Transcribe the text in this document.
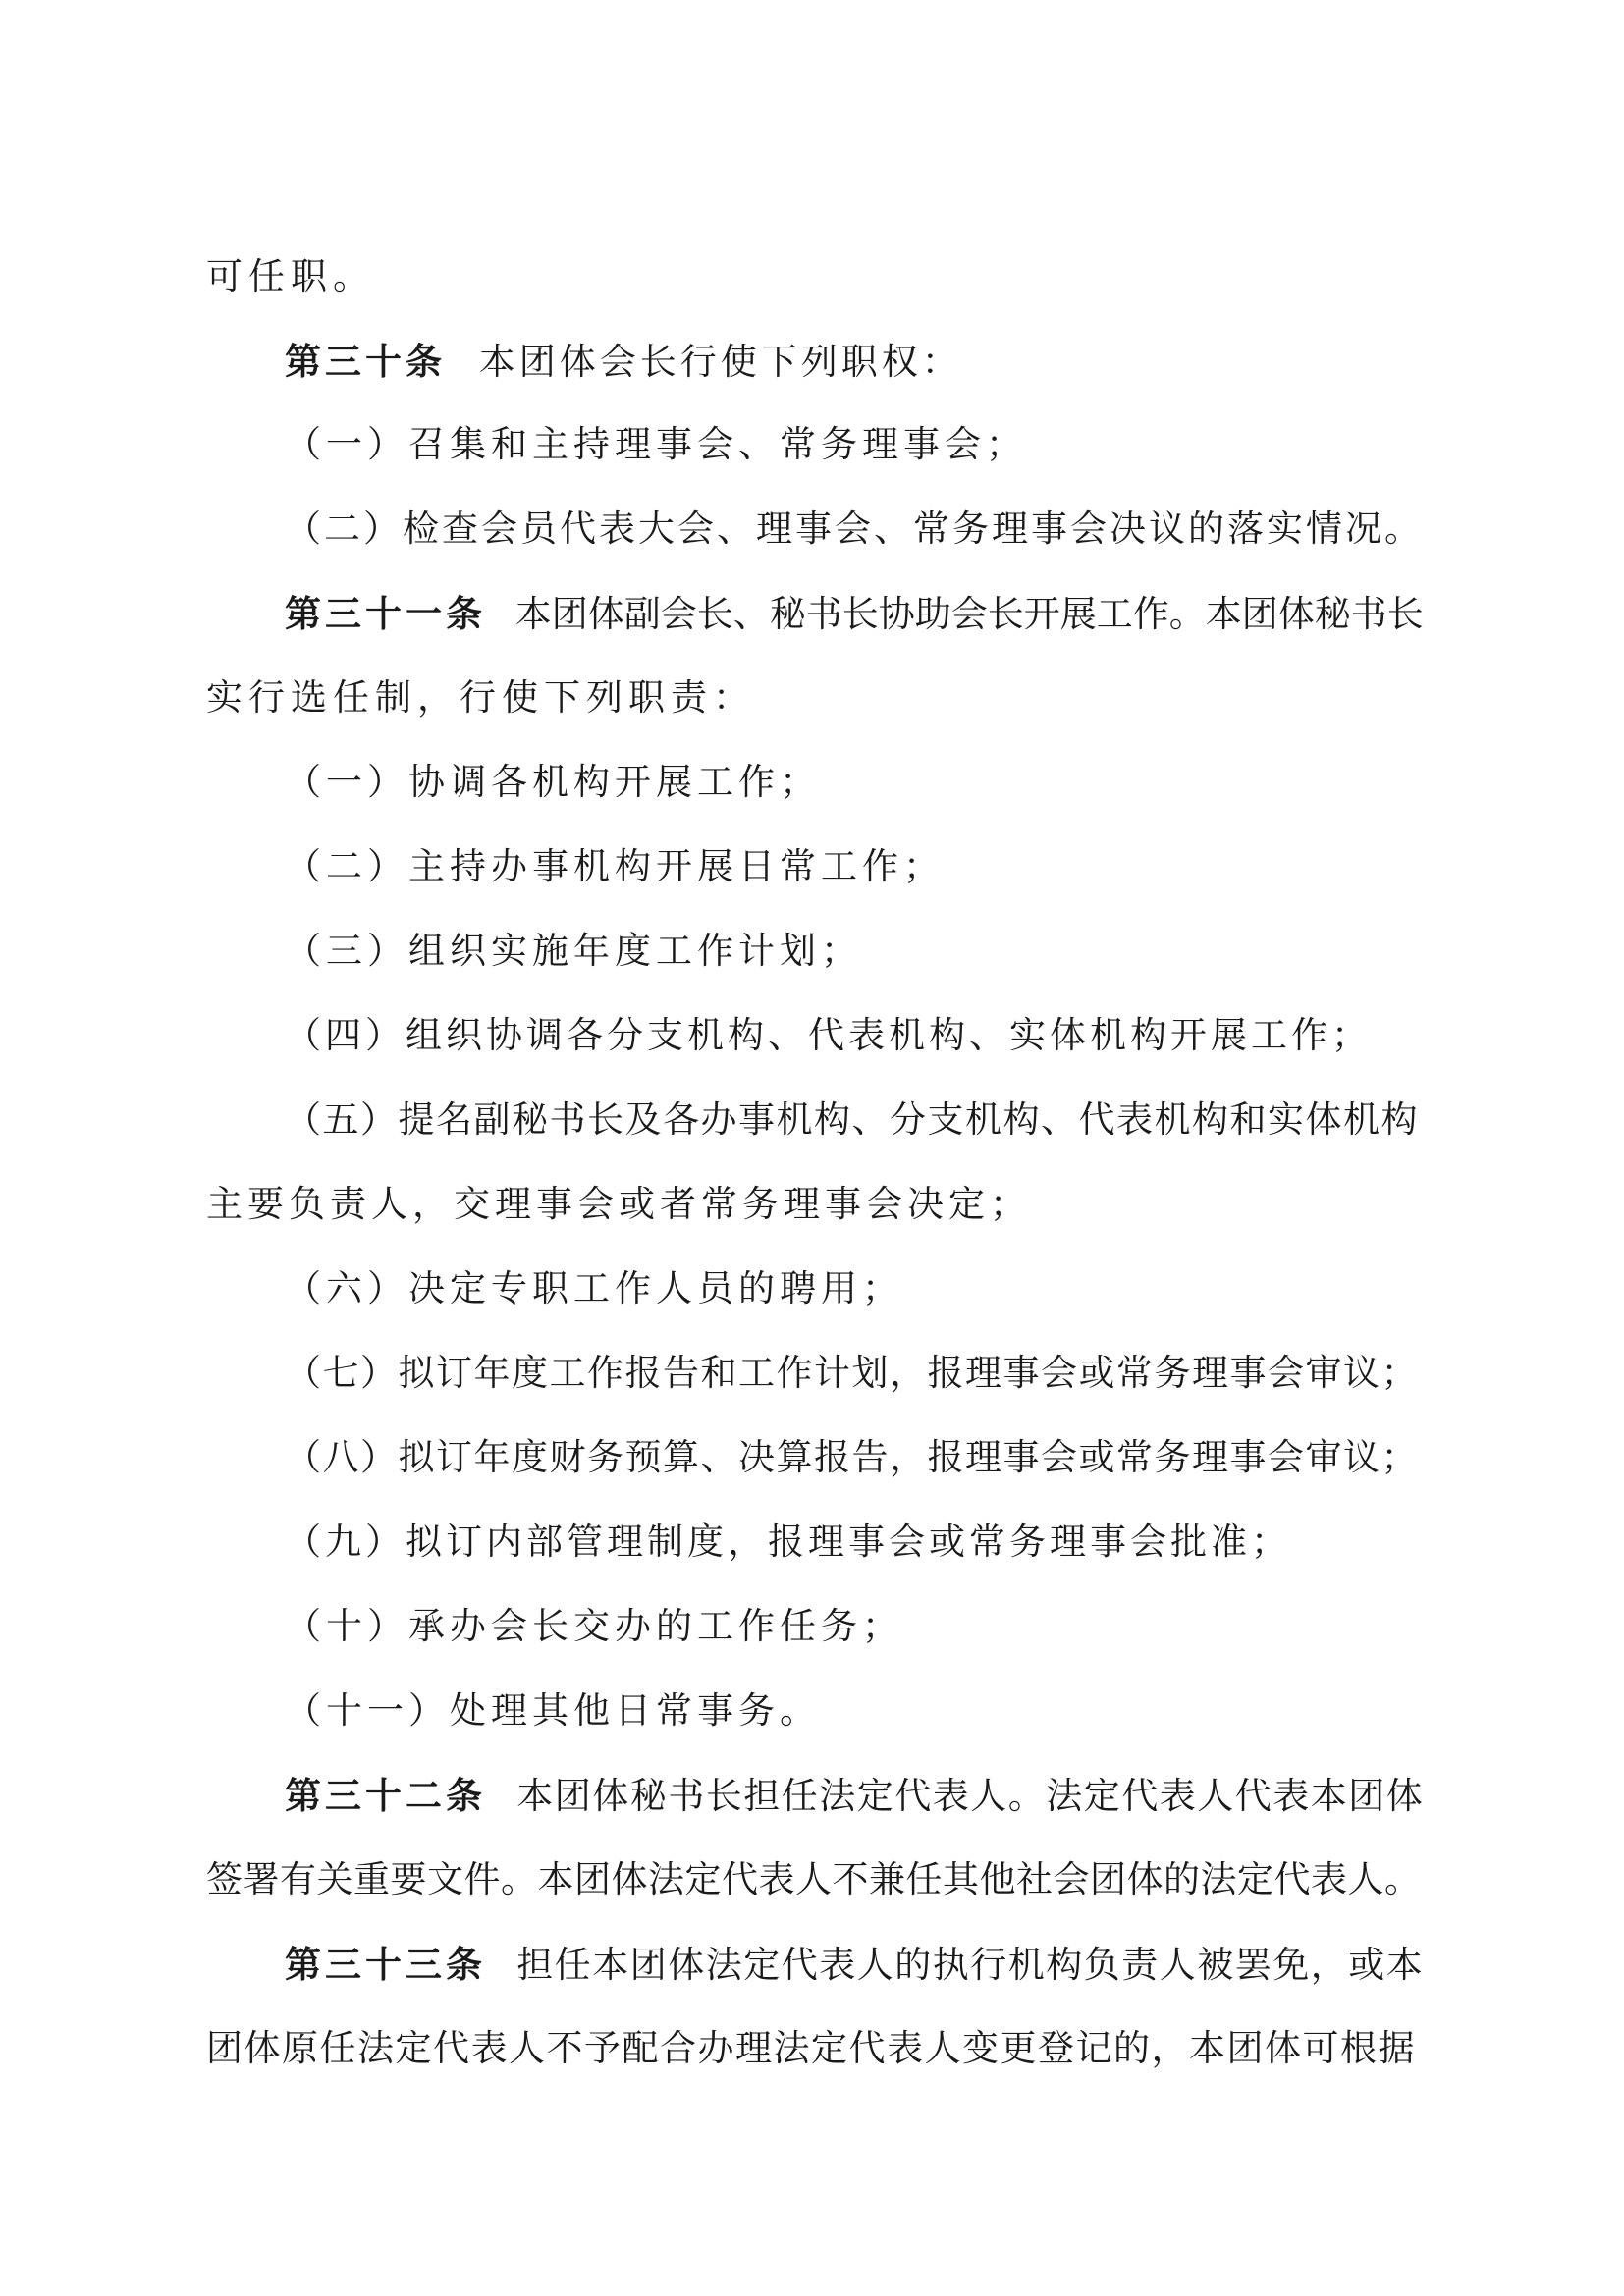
可任职。
第三十条 本团体会长行使下列职权：
（一）召集和主持理事会、常务理事会；
（二）检查会员代表大会、理事会、常务理事会决议的落实情况。
第三十一条 本团体副会长、秘书长协助会长开展工作。本团体秘书长
实行选任制，行使下列职责：
（一）协调各机构开展工作；
（二）主持办事机构开展日常工作；
（三）组织实施年度工作计划；
（四）组织协调各分支机构、代表机构、实体机构开展工作；
（五）提名副秘书长及各办事机构、分支机构、代表机构和实体机构
主要负责人，交理事会或者常务理事会决定；
（六）决定专职工作人员的聘用；
（七）拟订年度工作报告和工作计划，报理事会或常务理事会审议；
（八）拟订年度财务预算、决算报告，报理事会或常务理事会审议；
（九）拟订内部管理制度，报理事会或常务理事会批准；
（十）承办会长交办的工作任务；
（十一）处理其他日常事务。
第三十二条 本团体秘书长担任法定代表人。法定代表人代表本团体
签署有关重要文件。本团体法定代表人不兼任其他社会团体的法定代表人。
第三十三条 担任本团体法定代表人的执行机构负责人被罢免，或本
团体原任法定代表人不予配合办理法定代表人变更登记的，本团体可根据
